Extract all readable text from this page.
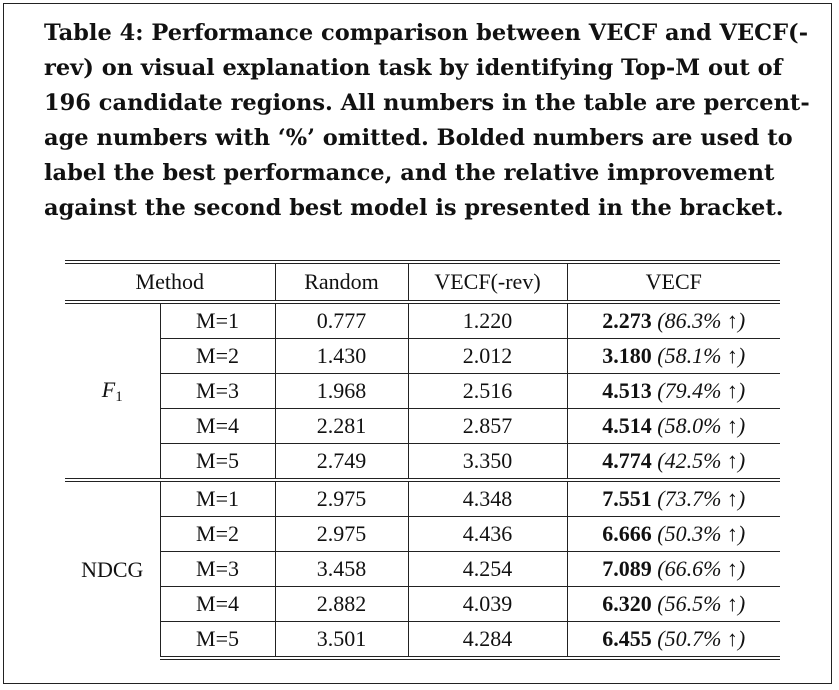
Table 4: Performance comparison between VECF and VECF(-
rev) on visual explanation task by identifying Top-M out of
196 candidate regions. All numbers in the table are percent-
age numbers with ‘%’ omitted. Bolded numbers are used to
label the best performance, and the relative improvement
against the second best model is presented in the bracket.
Method		Random	VECF(-rev)	VECF
$F_1$	M=1	0.777	1.220	2.273 (86.3% ↑)
	M=2	1.430	2.012	3.180 (58.1% ↑)
	M=3	1.968	2.516	4.513 (79.4% ↑)
	M=4	2.281	2.857	4.514 (58.0% ↑)
	M=5	2.749	3.350	4.774 (42.5% ↑)
NDCG	M=1	2.975	4.348	7.551 (73.7% ↑)
	M=2	2.975	4.436	6.666 (50.3% ↑)
	M=3	3.458	4.254	7.089 (66.6% ↑)
	M=4	2.882	4.039	6.320 (56.5% ↑)
	M=5	3.501	4.284	6.455 (50.7% ↑)
